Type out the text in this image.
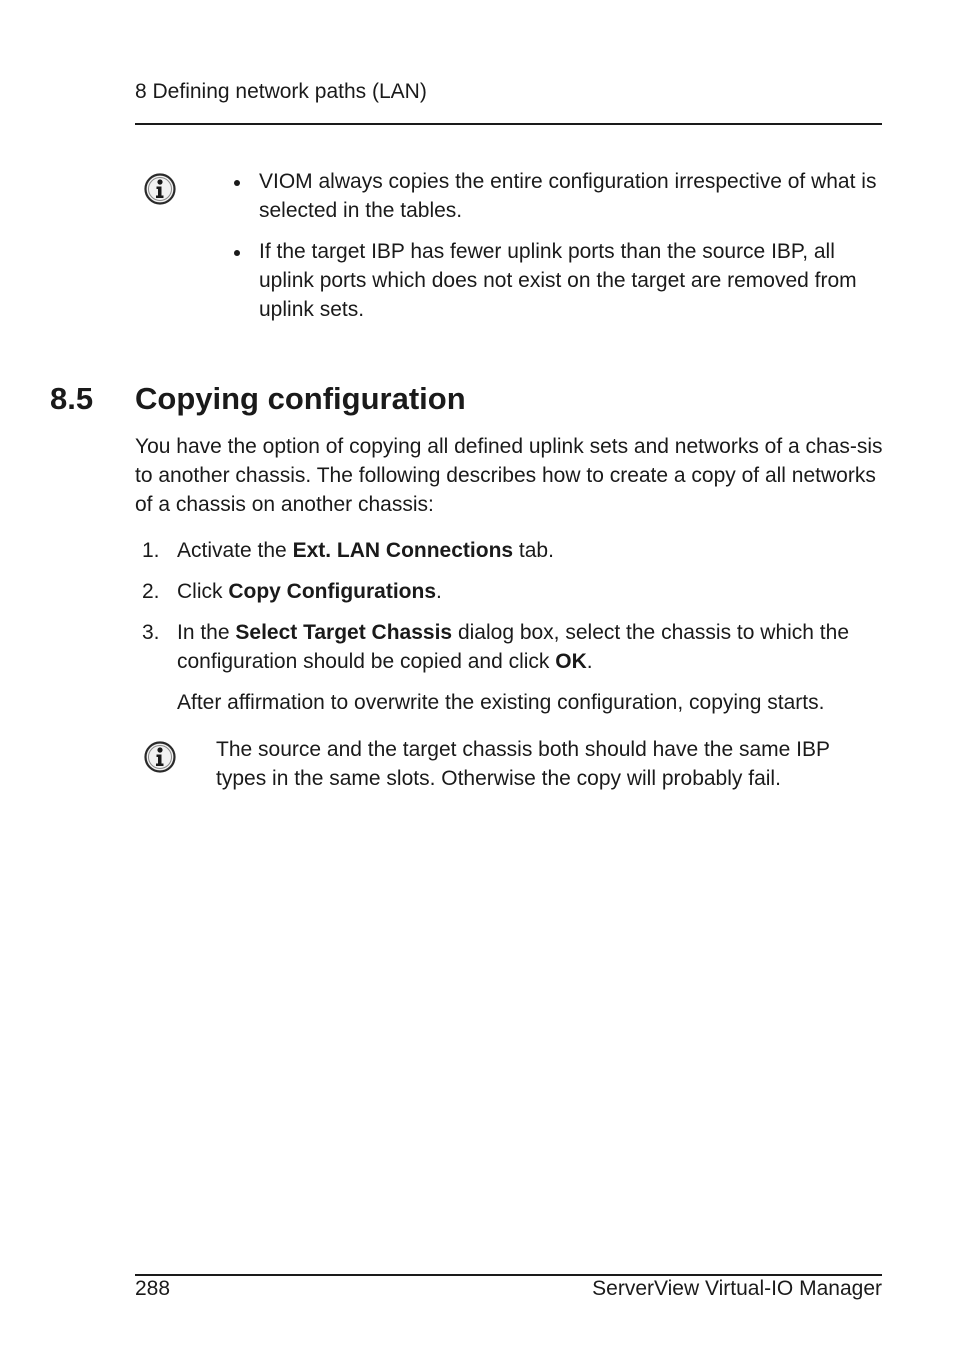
8 Defining network paths (LAN)
VIOM always copies the entire configuration irrespective of what is selected in the tables.
If the target IBP has fewer uplink ports than the source IBP, all uplink ports which does not exist on the target are removed from uplink sets.
8.5 Copying configuration

You have the option of copying all defined uplink sets and networks of a chas-sis to another chassis. The following describes how to create a copy of all networks of a chassis on another chassis:

1. Activate the Ext. LAN Connections tab.
2. Click Copy Configurations.
3. In the Select Target Chassis dialog box, select the chassis to which the configuration should be copied and click OK.

After affirmation to overwrite the existing configuration, copying starts.

The source and the target chassis both should have the same IBP types in the same slots. Otherwise the copy will probably fail.

288	ServerView Virtual-IO Manager
